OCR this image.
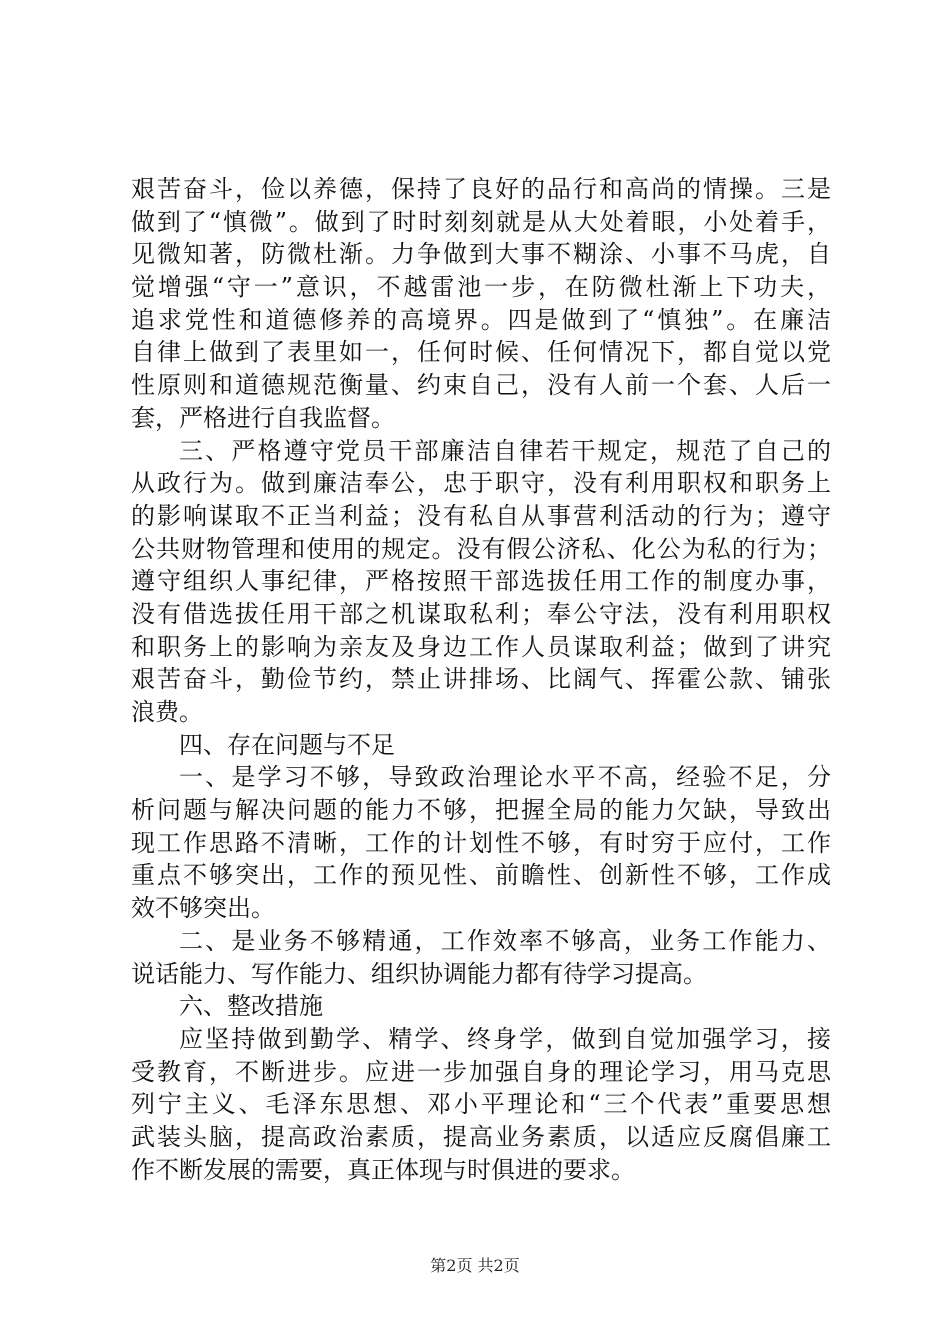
艰苦奋斗，俭以养德，保持了良好的品行和高尚的情操。三是
做到了“慎微”。做到了时时刻刻就是从大处着眼，小处着手，
见微知著，防微杜渐。力争做到大事不糊涂、小事不马虎，自
觉增强“守一”意识，不越雷池一步，在防微杜渐上下功夫，
追求党性和道德修养的高境界。四是做到了“慎独”。在廉洁
自律上做到了表里如一，任何时候、任何情况下，都自觉以党
性原则和道德规范衡量、约束自己，没有人前一个套、人后一
套，严格进行自我监督。
三、严格遵守党员干部廉洁自律若干规定，规范了自己的
从政行为。做到廉洁奉公，忠于职守，没有利用职权和职务上
的影响谋取不正当利益；没有私自从事营利活动的行为；遵守
公共财物管理和使用的规定。没有假公济私、化公为私的行为；
遵守组织人事纪律，严格按照干部选拔任用工作的制度办事，
没有借选拔任用干部之机谋取私利；奉公守法，没有利用职权
和职务上的影响为亲友及身边工作人员谋取利益；做到了讲究
艰苦奋斗，勤俭节约，禁止讲排场、比阔气、挥霍公款、铺张
浪费。
四、存在问题与不足
一、是学习不够，导致政治理论水平不高，经验不足，分
析问题与解决问题的能力不够，把握全局的能力欠缺，导致出
现工作思路不清晰，工作的计划性不够，有时穷于应付，工作
重点不够突出，工作的预见性、前瞻性、创新性不够，工作成
效不够突出。
二、是业务不够精通，工作效率不够高，业务工作能力、
说话能力、写作能力、组织协调能力都有待学习提高。
六、整改措施
应坚持做到勤学、精学、终身学，做到自觉加强学习，接
受教育，不断进步。应进一步加强自身的理论学习，用马克思
列宁主义、毛泽东思想、邓小平理论和“三个代表”重要思想
武装头脑，提高政治素质，提高业务素质，以适应反腐倡廉工
作不断发展的需要，真正体现与时俱进的要求。
第2页 共2页
